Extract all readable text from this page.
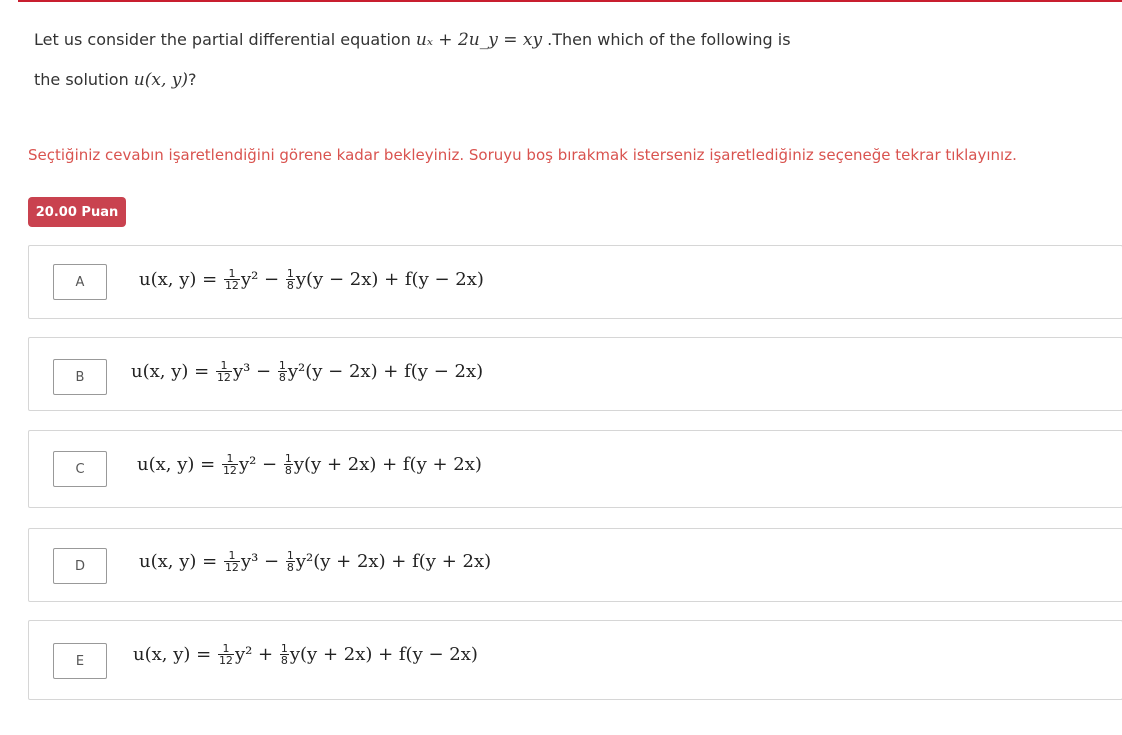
Let us consider the partial differential equation uₓ + 2u_y = xy .Then which of the following is
the solution u(x, y)?
Seçtiğiniz cevabın işaretlendiğini görene kadar bekleyiniz. Soruyu boş bırakmak isterseniz işaretlediğiniz seçeneğe tekrar tıklayınız.
20.00 Puan
A	u(x, $y) = \frac{1}{12} y^2 - \frac{1}{8} y(y - 2x) + f(y - 2x)$
B	u(x, $y) = \frac{1}{12} y^3 - \frac{1}{8} y^2(y - 2x) + f(y - 2x)$
C	u(x, $y) = \frac{1}{12} y^2 - \frac{1}{8} y(y + 2x) + f(y + 2x)$
D	u(x, $y) = \frac{1}{12} y^3 - \frac{1}{8} y^2(y + 2x) + f(y + 2x)$
E	u(x, $y) = \frac{1}{12} y^2 + \frac{1}{8} y(y + 2x) + f(y - 2x)$
